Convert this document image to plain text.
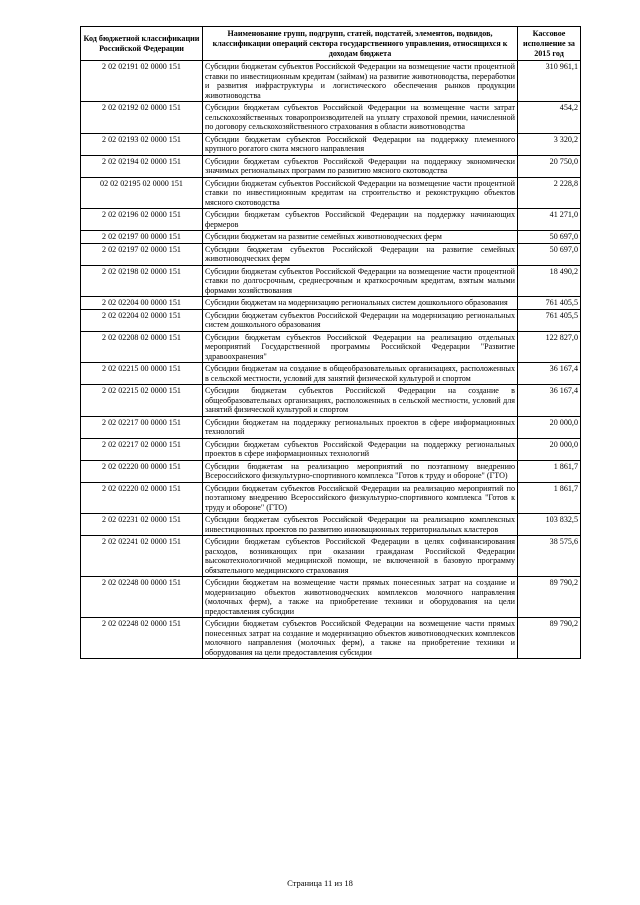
Код бюджетной классификации Российской Федерации	Наименование групп, подгрупп, статей, подстатей, элементов, подвидов, классификации операций сектора государственного управления, относящихся к доходам бюджета	Кассовое исполнение за 2015 год
2 02 02191 02 0000 151	Субсидии бюджетам субъектов Российской Федерации на возмещение части процентной ставки по инвестиционным кредитам (займам) на развитие животноводства, переработки и развития инфраструктуры и логистического обеспечения рынков продукции животноводства	310 961,1
2 02 02192 02 0000 151	Субсидии бюджетам субъектов Российской Федерации на возмещение части затрат сельскохозяйственных товаропроизводителей на уплату страховой премии, начисленной по договору сельскохозяйственного страхования в области животноводства	454,2
2 02 02193 02 0000 151	Субсидии бюджетам субъектов Российской Федерации на поддержку племенного крупного рогатого скота мясного направления	3 320,2
2 02 02194 02 0000 151	Субсидии бюджетам субъектов Российской Федерации на поддержку экономически значимых региональных программ по развитию мясного скотоводства	20 750,0
02 02 02195 02 0000 151	Субсидии бюджетам субъектов Российской Федерации на возмещение части процентной ставки по инвестиционным кредитам на строительство и реконструкцию объектов мясного скотоводства	2 228,8
2 02 02196 02 0000 151	Субсидии бюджетам субъектов Российской Федерации на поддержку начинающих фермеров	41 271,0
2 02 02197 00 0000 151	Субсидии бюджетам на развитие семейных животноводческих ферм	50 697,0
2 02 02197 02 0000 151	Субсидии бюджетам субъектов Российской Федерации на развитие семейных животноводческих ферм	50 697,0
2 02 02198 02 0000 151	Субсидии бюджетам субъектов Российской Федерации на возмещение части процентной ставки по долгосрочным, среднесрочным и краткосрочным кредитам, взятым малыми формами хозяйствования	18 490,2
2 02 02204 00 0000 151	Субсидии бюджетам на модернизацию региональных систем дошкольного образования	761 405,5
2 02 02204 02 0000 151	Субсидии бюджетам субъектов Российской Федерации на модернизацию региональных систем дошкольного образования	761 405,5
2 02 02208 02 0000 151	Субсидии бюджетам субъектов Российской Федерации на реализацию отдельных мероприятий Государственной программы Российской Федерации "Развитие здравоохранения"	122 827,0
2 02 02215 00 0000 151	Субсидии бюджетам на создание в общеобразовательных организациях, расположенных в сельской местности, условий для занятий физической культурой и спортом	36 167,4
2 02 02215 02 0000 151	Субсидии бюджетам субъектов Российской Федерации на создание в общеобразовательных организациях, расположенных в сельской местности, условий для занятий физической культурой и спортом	36 167,4
2 02 02217 00 0000 151	Субсидии бюджетам на поддержку региональных проектов в сфере информационных технологий	20 000,0
2 02 02217 02 0000 151	Субсидии бюджетам субъектов Российской Федерации на поддержку региональных проектов в сфере информационных технологий	20 000,0
2 02 02220 00 0000 151	Субсидии бюджетам на реализацию мероприятий по поэтапному внедрению Всероссийского физкультурно-спортивного комплекса "Готов к труду и обороне" (ГТО)	1 861,7
2 02 02220 02 0000 151	Субсидии бюджетам субъектов Российской Федерации на реализацию мероприятий по поэтапному внедрению Всероссийского физкультурно-спортивного комплекса "Готов к труду и обороне" (ГТО)	1 861,7
2 02 02231 02 0000 151	Субсидии бюджетам субъектов Российской Федерации на реализацию комплексных инвестиционных проектов по развитию инновационных территориальных кластеров	103 832,5
2 02 02241 02 0000 151	Субсидии бюджетам субъектов Российской Федерации в целях софинансирования расходов, возникающих при оказании гражданам Российской Федерации высокотехнологичной медицинской помощи, не включенной в базовую программу обязательного медицинского страхования	38 575,6
2 02 02248 00 0000 151	Субсидии бюджетам на возмещение части прямых понесенных затрат на создание и модернизацию объектов животноводческих комплексов молочного направления (молочных ферм), а также на приобретение техники и оборудования на цели предоставления субсидии	89 790,2
2 02 02248 02 0000 151	Субсидии бюджетам субъектов Российской Федерации на возмещение части прямых понесенных затрат на создание и модернизацию объектов животноводческих комплексов молочного направления (молочных ферм), а также на приобретение техники и оборудования на цели предоставления субсидии	89 790,2
Страница 11 из 18
